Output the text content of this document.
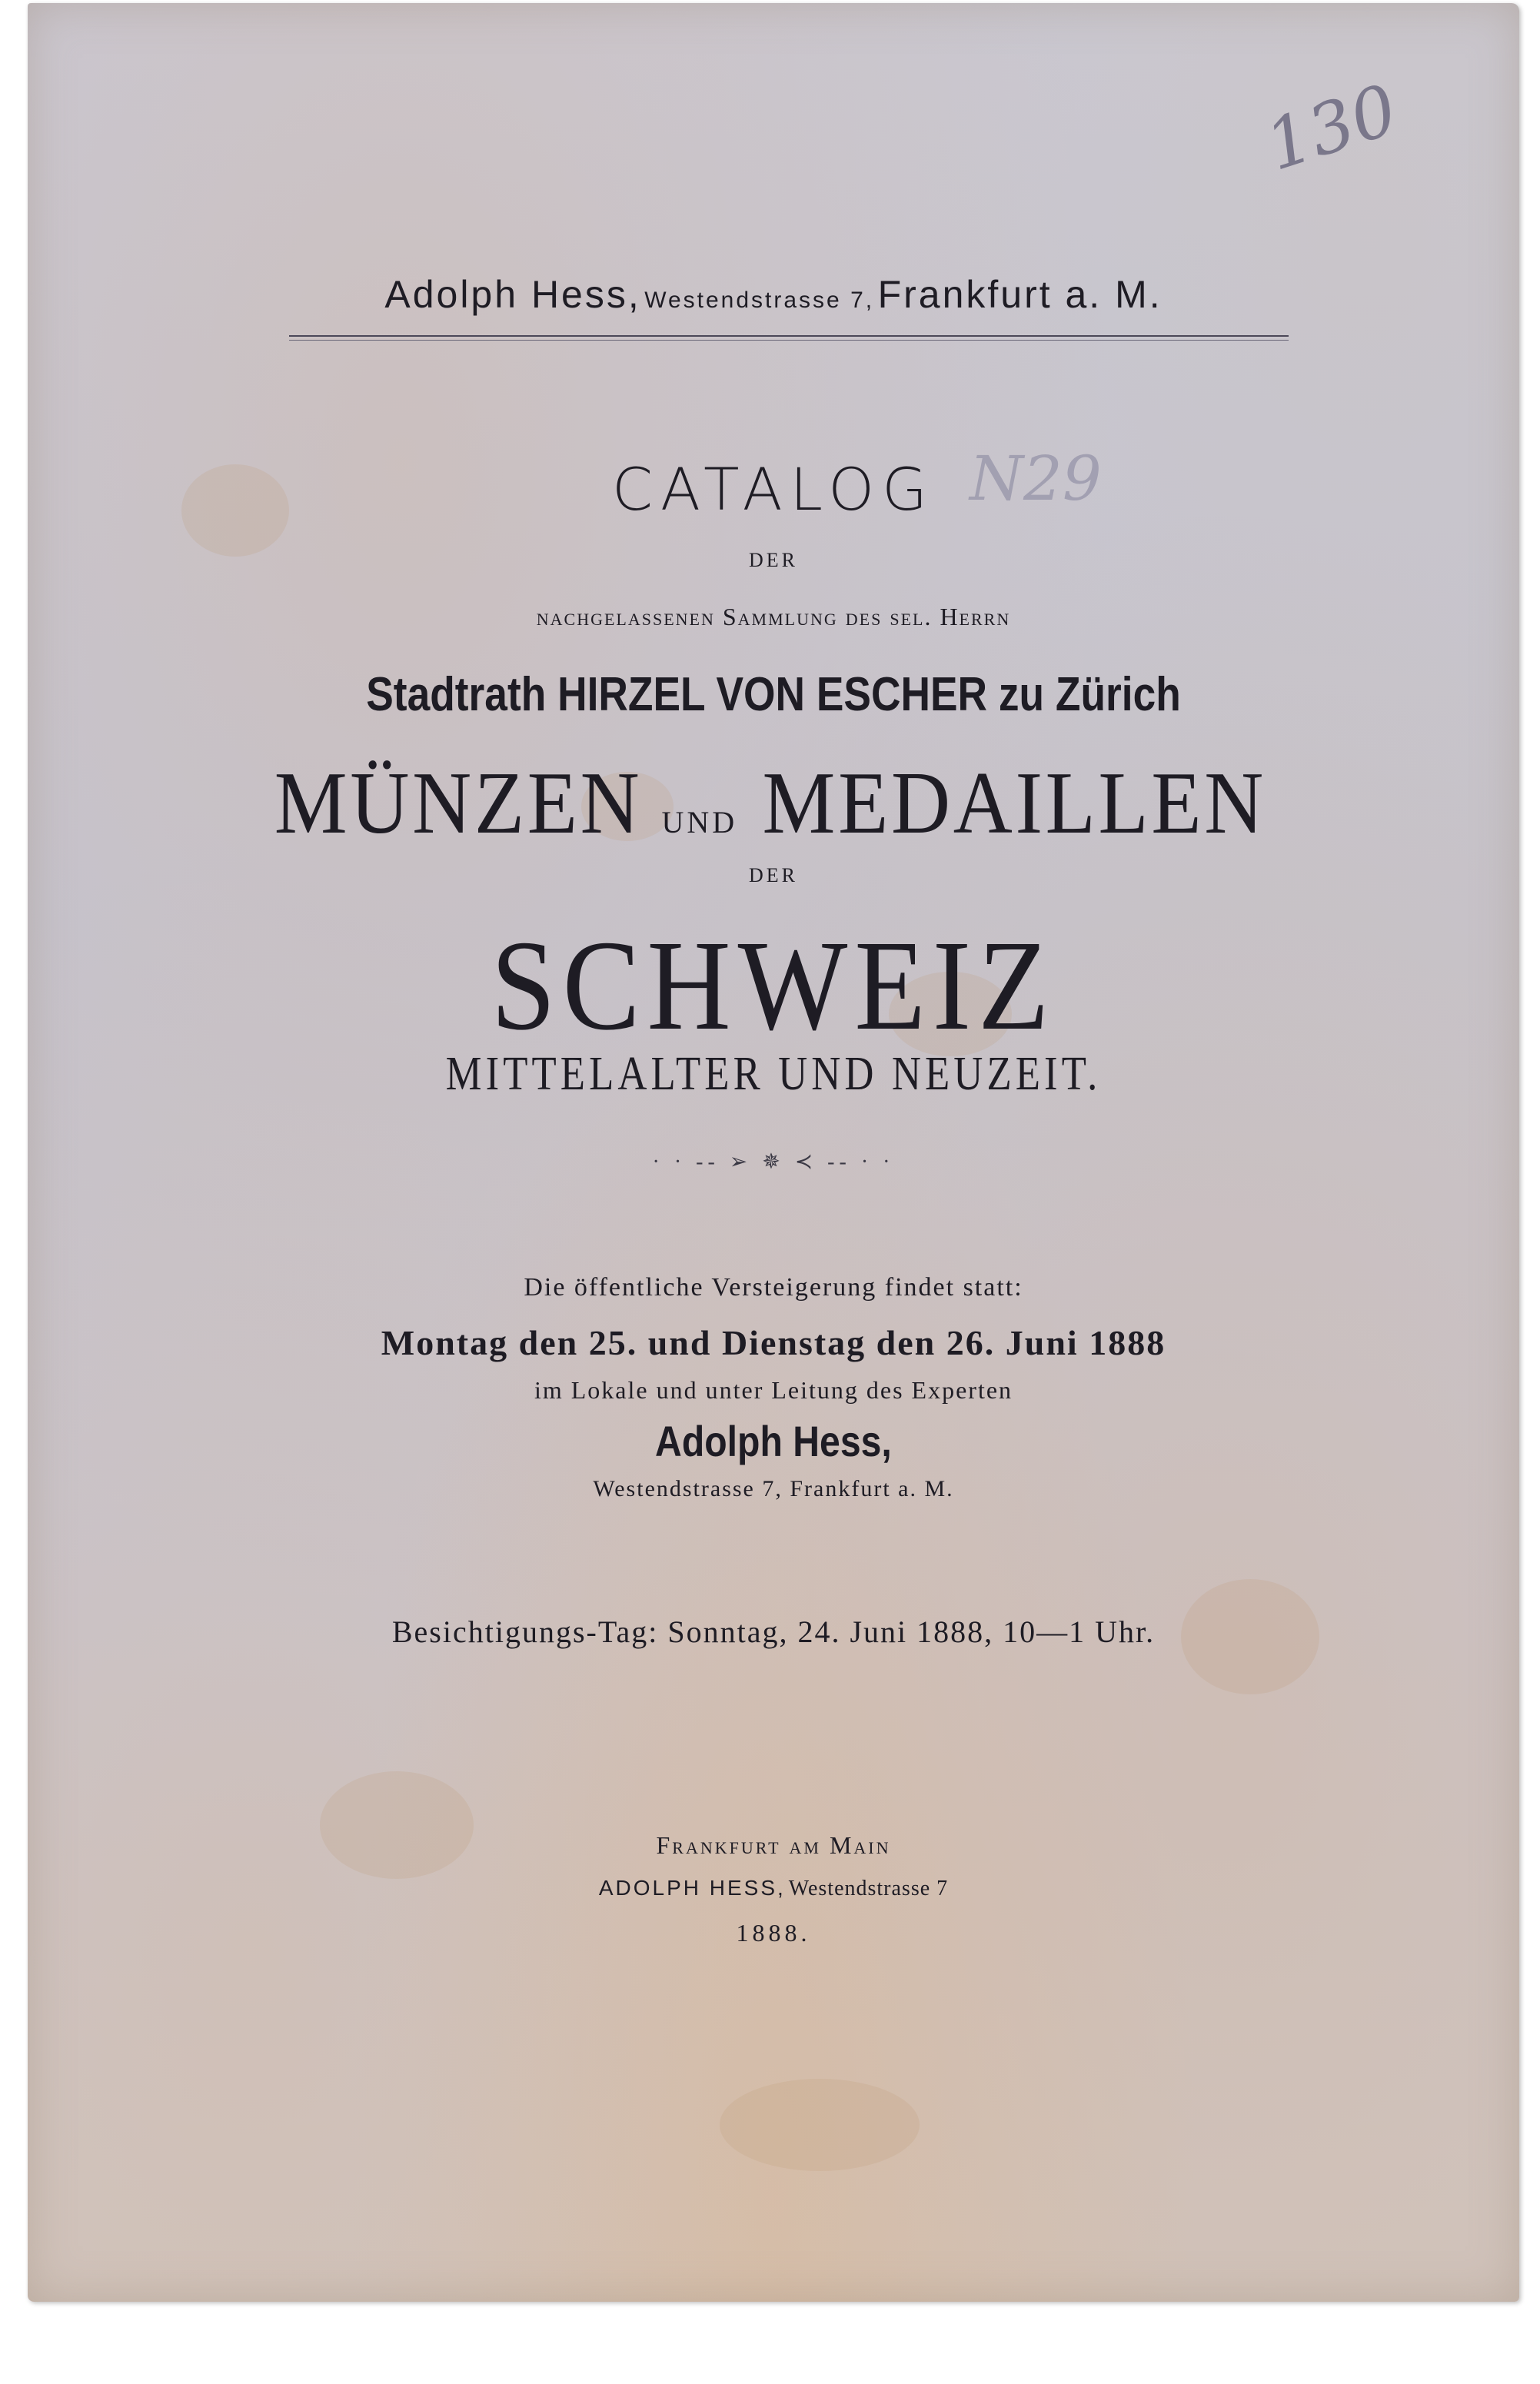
130
N29
Adolph Hess, Westendstrasse 7, Frankfurt a. M.
CATALOG
DER
nachgelassenen Sammlung des sel. Herrn
Stadtrath HIRZEL VON ESCHER zu Zürich
MÜNZEN UND MEDAILLEN
DER
SCHWEIZ
MITTELALTER UND NEUZEIT.
· · -- ➢ ✵ ≺ -- · ·
Die öffentliche Versteigerung findet statt:
Montag den 25. und Dienstag den 26. Juni 1888
im Lokale und unter Leitung des Experten
Adolph Hess,
Westendstrasse 7, Frankfurt a. M.
Besichtigungs-Tag: Sonntag, 24. Juni 1888, 10—1 Uhr.
Frankfurt am Main
ADOLPH HESS, Westendstrasse 7
1888.
